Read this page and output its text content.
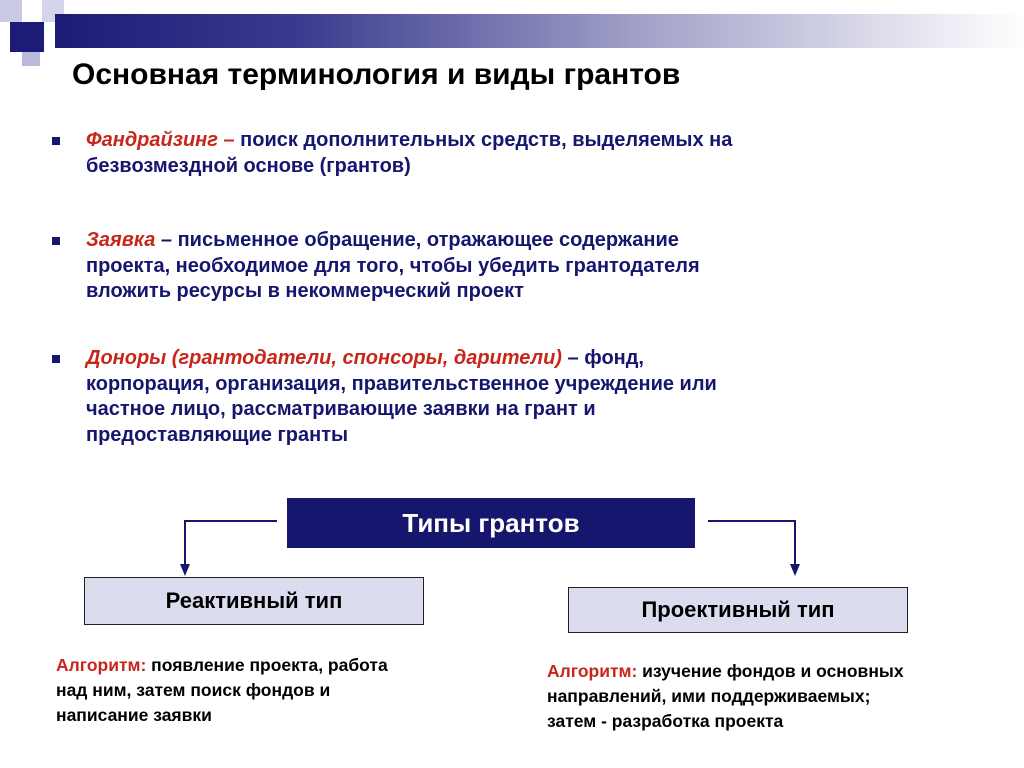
Основная терминология и виды грантов
Фандрайзинг – поиск дополнительных средств, выделяемых на
безвозмездной основе (грантов)
Заявка – письменное обращение, отражающее содержание
проекта, необходимое для того, чтобы убедить грантодателя
вложить ресурсы в некоммерческий проект
Доноры (грантодатели, спонсоры, дарители) – фонд,
корпорация, организация, правительственное учреждение или
частное лицо, рассматривающие заявки на грант и
предоставляющие гранты
Типы грантов
Реактивный тип	Проективный тип
Алгоритм: появление проекта, работа
над ним, затем поиск фондов и
написание заявки
Алгоритм: изучение фондов и основных
направлений, ими поддерживаемых;
затем - разработка проекта
